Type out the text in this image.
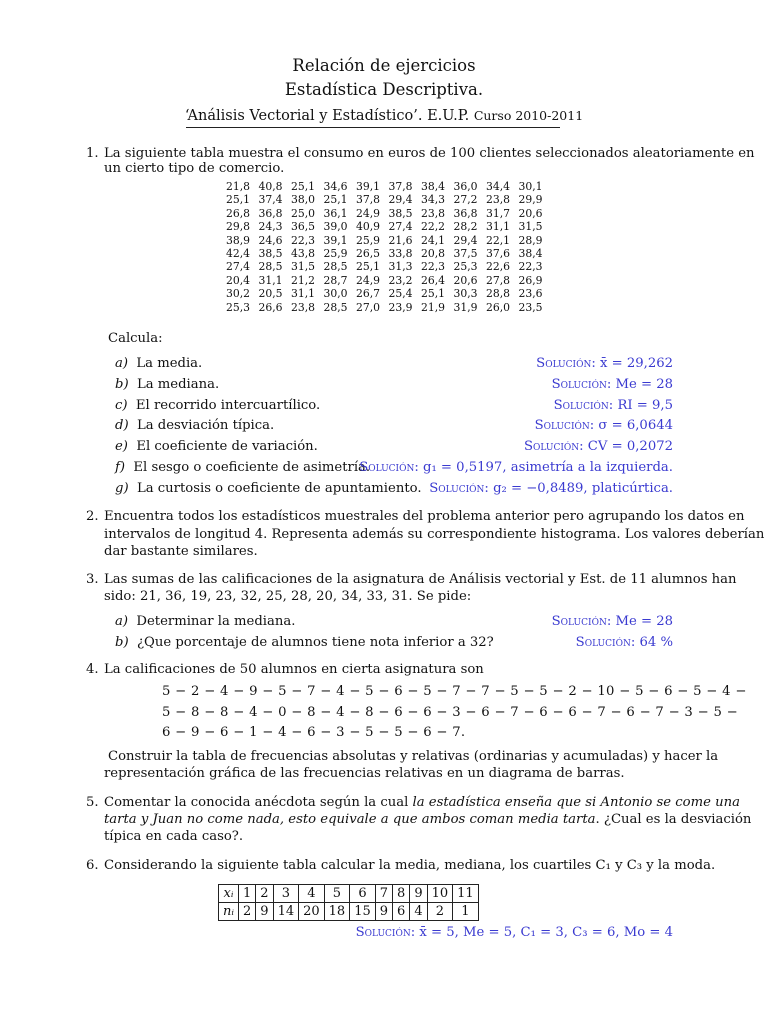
Relación de ejercicios
Estadística Descriptiva.
‘Análisis Vectorial y Estadístico’. E.U.P. Curso 2010-2011
1. La siguiente tabla muestra el consumo en euros de 100 clientes seleccionados aleatoriamente en
un cierto tipo de comercio.
21,8	40,8	25,1	34,6	39,1	37,8	38,4	36,0	34,4	30,1
25,1	37,4	38,0	25,1	37,8	29,4	34,3	27,2	23,8	29,9
26,8	36,8	25,0	36,1	24,9	38,5	23,8	36,8	31,7	20,6
29,8	24,3	36,5	39,0	40,9	27,4	22,2	28,2	31,1	31,5
38,9	24,6	22,3	39,1	25,9	21,6	24,1	29,4	22,1	28,9
42,4	38,5	43,8	25,9	26,5	33,8	20,8	37,5	37,6	38,4
27,4	28,5	31,5	28,5	25,1	31,3	22,3	25,3	22,6	22,3
20,4	31,1	21,2	28,7	24,9	23,2	26,4	20,6	27,8	26,9
30,2	20,5	31,1	30,0	26,7	25,4	25,1	30,3	28,8	23,6
25,3	26,6	23,8	28,5	27,0	23,9	21,9	31,9	26,0	23,5
Calcula:
a) La media.	Solución: x̄ = 29,262
b) La mediana.	Solución: Me = 28
c) El recorrido intercuartílico.	Solución: RI = 9,5
d) La desviación típica.	Solución: σ = 6,0644
e) El coeficiente de variación.	Solución: CV = 0,2072
f) El sesgo o coeficiente de asimetría.
Solución: g₁ = 0,5197, asimetría a la izquierda.
g) La curtosis o coeficiente de apuntamiento. Solución: g₂ = −0,8489, platicúrtica.
2. Encuentra todos los estadísticos muestrales del problema anterior pero agrupando los datos en
intervalos de longitud 4. Representa además su correspondiente histograma. Los valores deberían
dar bastante similares.
3. Las sumas de las calificaciones de la asignatura de Análisis vectorial y Est. de 11 alumnos han
sido: 21, 36, 19, 23, 32, 25, 28, 20, 34, 33, 31. Se pide:
a) Determinar la mediana.	Solución: Me = 28
b) ¿Que porcentaje de alumnos tiene nota inferior a 32?	Solución: 64 %
4. La calificaciones de 50 alumnos en cierta asignatura son
5 − 2 − 4 − 9 − 5 − 7 − 4 − 5 − 6 − 5 − 7 − 7 − 5 − 5 − 2 − 10 − 5 − 6 − 5 − 4 −
5 − 8 − 8 − 4 − 0 − 8 − 4 − 8 − 6 − 6 − 3 − 6 − 7 − 6 − 6 − 7 − 6 − 7 − 3 − 5 −
6 − 9 − 6 − 1 − 4 − 6 − 3 − 5 − 5 − 6 − 7.
Construir la tabla de frecuencias absolutas y relativas (ordinarias y acumuladas) y hacer la
representación gráfica de las frecuencias relativas en un diagrama de barras.
5. Comentar la conocida anécdota según la cual la estadística enseña que si Antonio se come una
tarta y Juan no come nada, esto equivale a que ambos coman media tarta. ¿Cual es la desviación
típica en cada caso?.
6. Considerando la siguiente tabla calcular la media, mediana, los cuartiles C₁ y C₃ y la moda.
xᵢ	1	2	3	4	5	6	7	8	9	10	11
nᵢ	2	9	14	20	18	15	9	6	4	2	1
Solución: x̄ = 5, Me = 5, C₁ = 3, C₃ = 6, Mo = 4
